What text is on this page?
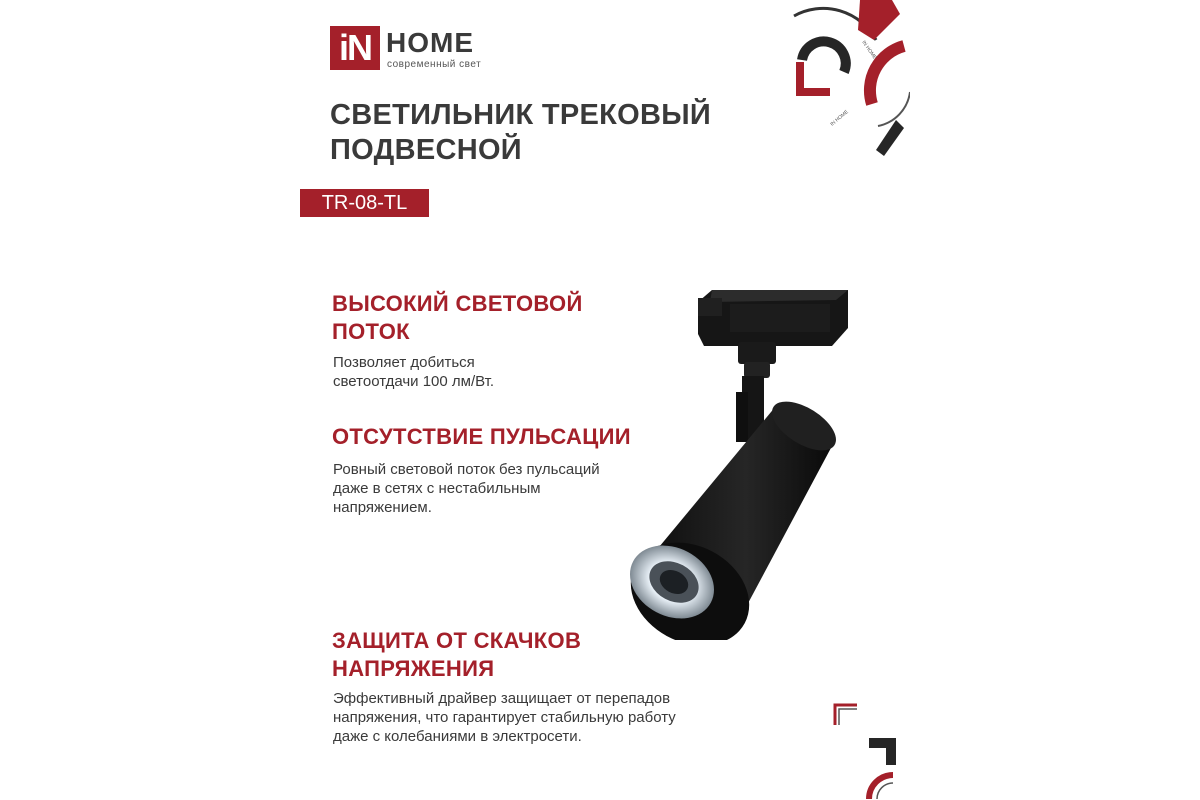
iN HOME
современный свет
СВЕТИЛЬНИК ТРЕКОВЫЙ
ПОДВЕСНОЙ
TR-08-TL
ВЫСОКИЙ СВЕТОВОЙ
ПОТОК
Позволяет добиться
светоотдачи 100 лм/Вт.
ОТСУТСТВИЕ ПУЛЬСАЦИИ
Ровный световой поток без пульсаций
даже в сетях с нестабильным
напряжением.
ЗАЩИТА ОТ СКАЧКОВ
НАПРЯЖЕНИЯ
Эффективный драйвер защищает от перепадов
напряжения, что гарантирует стабильную работу
даже с колебаниями в электросети.
IN HOME
IN HOME
